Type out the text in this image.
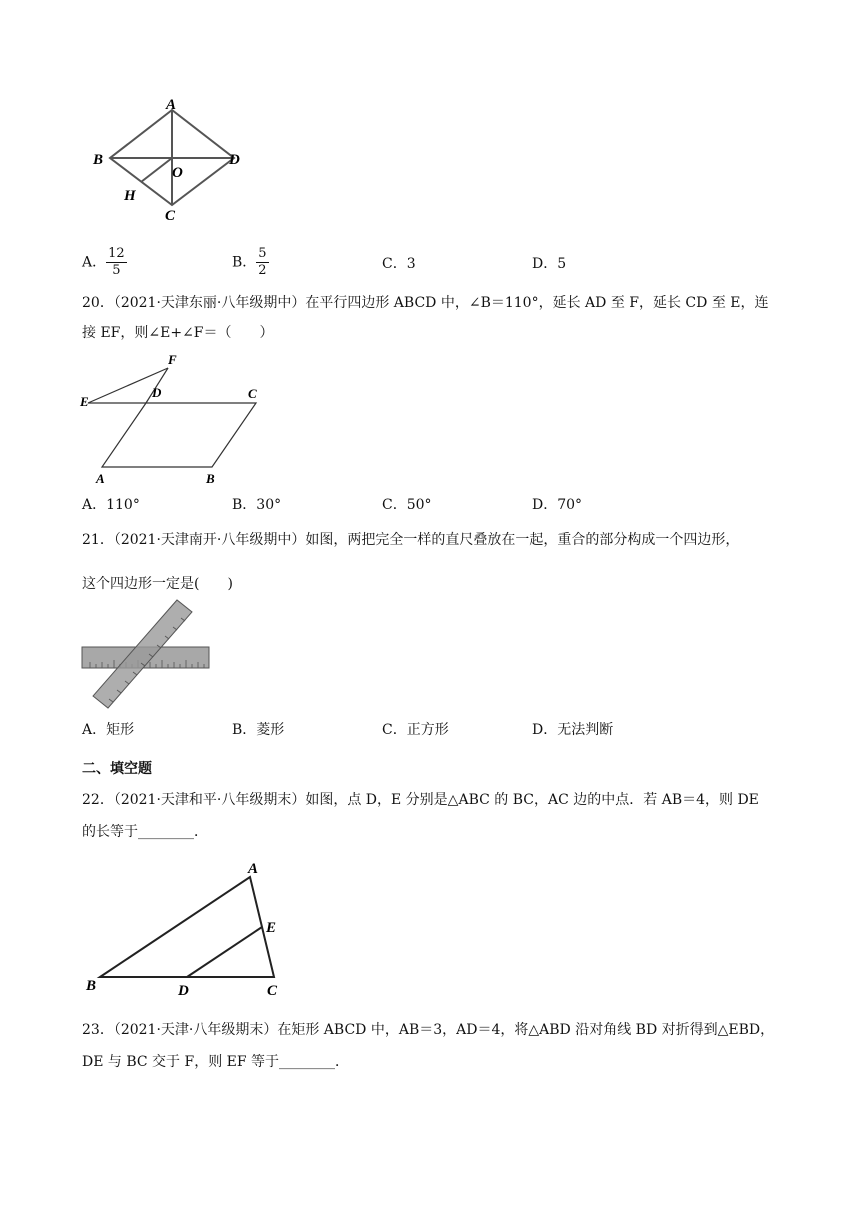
A
B	D
O
H
C
A． $\frac{12}{5}$	B． $\frac{5}{2}$	C．3	D．5
20．（2021·天津东丽·八年级期中）在平行四边形 ABCD 中，∠B＝110°，延长 AD 至 F，延长 CD 至 E，连
接 EF，则∠E+∠F＝（　　）
F
E
D	C
A	B
A．110°	B．30°	C．50°	D．70°
21．（2021·天津南开·八年级期中）如图，两把完全一样的直尺叠放在一起，重合的部分构成一个四边形，
这个四边形一定是(　　)
A．矩形	B．菱形	C．正方形	D．无法判断
二、填空题
22．（2021·天津和平·八年级期末）如图，点 D，E 分别是△ABC 的 BC，AC 边的中点．若 AB＝4，则 DE
的长等于________．
A
E
B	D	C
23．（2021·天津·八年级期末）在矩形 ABCD 中，AB＝3，AD＝4，将△ABD 沿对角线 BD 对折得到△EBD，
DE 与 BC 交于 F，则 EF 等于________．
